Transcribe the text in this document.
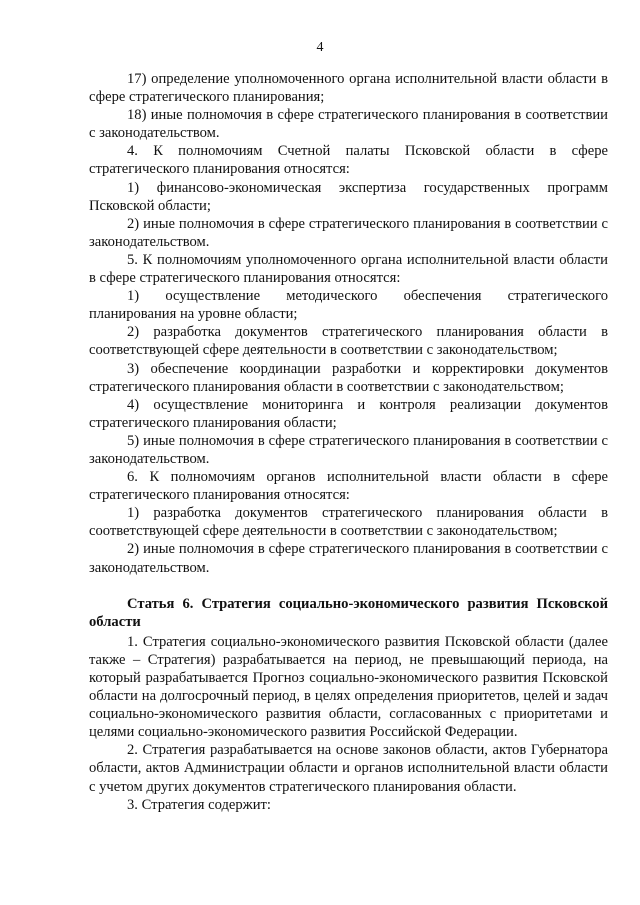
4

17) определение уполномоченного органа исполнительной власти области в сфере стратегического планирования;

18) иные полномочия в сфере стратегического планирования в соответствии с законодательством.

4. К полномочиям Счетной палаты Псковской области в сфере стратегического планирования относятся:

1) финансово-экономическая экспертиза государственных программ Псковской области;

2) иные полномочия в сфере стратегического планирования в соответствии с законодательством.

5. К полномочиям уполномоченного органа исполнительной власти области в сфере стратегического планирования относятся:

1) осуществление методического обеспечения стратегического планирования на уровне области;

2) разработка документов стратегического планирования области в соответствующей сфере деятельности в соответствии с законодательством;

3) обеспечение координации разработки и корректировки документов стратегического планирования области в соответствии с законодательством;

4) осуществление мониторинга и контроля реализации документов стратегического планирования области;

5) иные полномочия в сфере стратегического планирования в соответствии с законодательством.

6. К полномочиям органов исполнительной власти области в сфере стратегического планирования относятся:

1) разработка документов стратегического планирования области в соответствующей сфере деятельности в соответствии с законодательством;

2) иные полномочия в сфере стратегического планирования в соответствии с законодательством.

Статья 6. Стратегия социально-экономического развития Псковской области

1. Стратегия социально-экономического развития Псковской области (далее также – Стратегия) разрабатывается на период, не превышающий периода, на который разрабатывается Прогноз социально-экономического развития Псковской области на долгосрочный период, в целях определения приоритетов, целей и задач социально-экономического развития области, согласованных с приоритетами и целями социально-экономического развития Российской Федерации.

2. Стратегия разрабатывается на основе законов области, актов Губернатора области, актов Администрации области и органов исполнительной власти области с учетом других документов стратегического планирования области.

3. Стратегия содержит:
